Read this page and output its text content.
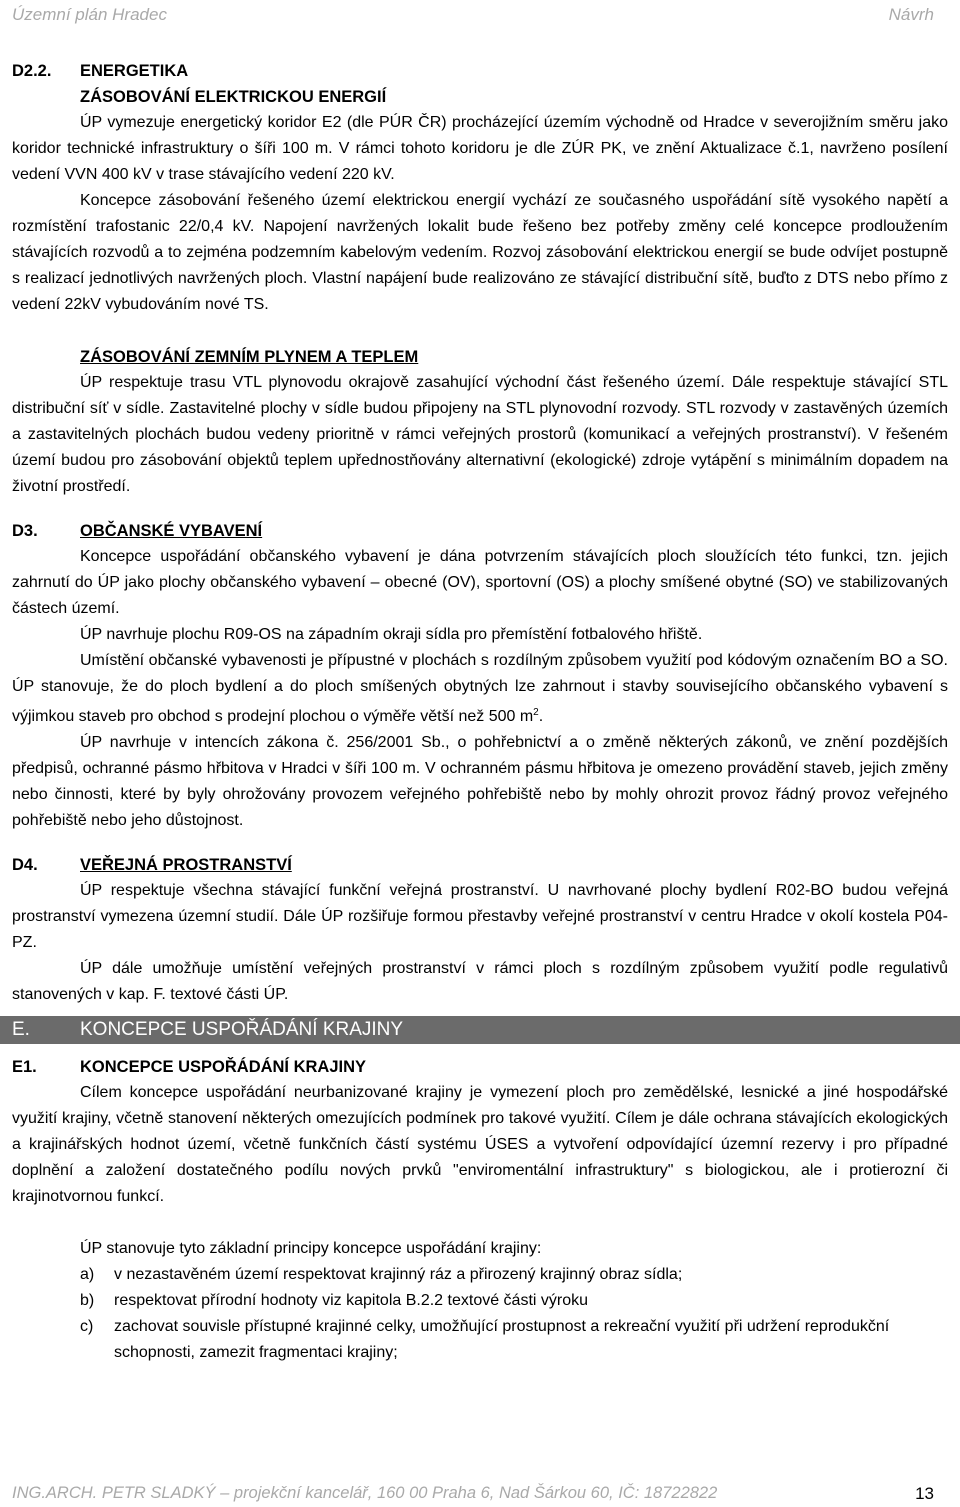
Územní plán Hradec	Návrh
D2.2. ENERGETIKA
ZÁSOBOVÁNÍ ELEKTRICKOU ENERGIÍ

ÚP vymezuje energetický koridor E2 (dle PÚR ČR) procházející územím východně od Hradce v severojižním směru jako koridor technické infrastruktury o šíři 100 m. V rámci tohoto koridoru je dle ZÚR PK, ve znění Aktualizace č.1, navrženo posílení vedení VVN 400 kV v trase stávajícího vedení 220 kV.

Koncepce zásobování řešeného území elektrickou energií vychází ze současného uspořádání sítě vysokého napětí a rozmístění trafostanic 22/0,4 kV. Napojení navržených lokalit bude řešeno bez potřeby změny celé koncepce prodloužením stávajících rozvodů a to zejména podzemním kabelovým vedením. Rozvoj zásobování elektrickou energií se bude odvíjet postupně s realizací jednotlivých navržených ploch. Vlastní napájení bude realizováno ze stávající distribuční sítě, buďto z DTS nebo přímo z vedení 22kV vybudováním nové TS.

ZÁSOBOVÁNÍ ZEMNÍM PLYNEM A TEPLEM

ÚP respektuje trasu VTL plynovodu okrajově zasahující východní část řešeného území. Dále respektuje stávající STL distribuční síť v sídle. Zastavitelné plochy v sídle budou připojeny na STL plynovodní rozvody. STL rozvody v zastavěných územích a zastavitelných plochách budou vedeny prioritně v rámci veřejných prostorů (komunikací a veřejných prostranství). V řešeném území budou pro zásobování objektů teplem upřednostňovány alternativní (ekologické) zdroje vytápění s minimálním dopadem na životní prostředí.

D3.	OBČANSKÉ VYBAVENÍ

Koncepce uspořádání občanského vybavení je dána potvrzením stávajících ploch sloužících této funkci, tzn. jejich zahrnutí do ÚP jako plochy občanského vybavení – obecné (OV), sportovní (OS) a plochy smíšené obytné (SO) ve stabilizovaných částech území.

ÚP navrhuje plochu R09-OS na západním okraji sídla pro přemístění fotbalového hřiště.

Umístění občanské vybavenosti je přípustné v plochách s rozdílným způsobem využití pod kódovým označením BO a SO. ÚP stanovuje, že do ploch bydlení a do ploch smíšených obytných lze zahrnout i stavby souvisejícího občanského vybavení s výjimkou staveb pro obchod s prodejní plochou o výměře větší než 500 $m^2$.

ÚP navrhuje v intencích zákona č. 256/2001 Sb., o pohřebnictví a o změně některých zákonů, ve znění pozdějších předpisů, ochranné pásmo hřbitova v Hradci v šíři 100 m. V ochranném pásmu hřbitova je omezeno provádění staveb, jejich změny nebo činnosti, které by byly ohrožovány provozem veřejného pohřebiště nebo by mohly ohrozit provoz řádný provoz veřejného pohřebiště nebo jeho důstojnost.

D4.	VEŘEJNÁ PROSTRANSTVÍ

ÚP respektuje všechna stávající funkční veřejná prostranství. U navrhované plochy bydlení R02-BO budou veřejná prostranství vymezena územní studií. Dále ÚP rozšiřuje formou přestavby veřejné prostranství v centru Hradce v okolí kostela P04-PZ.

ÚP dále umožňuje umístění veřejných prostranství v rámci ploch s rozdílným způsobem využití podle regulativů stanovených v kap. F. textové části ÚP.

E.	KONCEPCE USPOŘÁDÁNÍ KRAJINY
E1.	KONCEPCE USPOŘÁDÁNÍ KRAJINY

Cílem koncepce uspořádání neurbanizované krajiny je vymezení ploch pro zemědělské, lesnické a jiné hospodářské využití krajiny, včetně stanovení některých omezujících podmínek pro takové využití. Cílem je dále ochrana stávajících ekologických a krajinářských hodnot území, včetně funkčních částí systému ÚSES a vytvoření odpovídající územní rezervy i pro případné doplnění a založení dostatečného podílu nových prvků "enviromentální infrastruktury" s biologickou, ale i protierozní či krajinotvornou funkcí.

ÚP stanovuje tyto základní principy koncepce uspořádání krajiny:

a)	v nezastavěném území respektovat krajinný ráz a přirozený krajinný obraz sídla;
b)	respektovat přírodní hodnoty viz kapitola B.2.2 textové části výroku
c)	zachovat souvisle přístupné krajinné celky, umožňující prostupnost a rekreační využití při udržení reprodukční schopnosti, zamezit fragmentaci krajiny;
ING.ARCH. PETR SLADKÝ – projekční kancelář, 160 00 Praha 6, Nad Šárkou 60, IČ: 18722822	13
